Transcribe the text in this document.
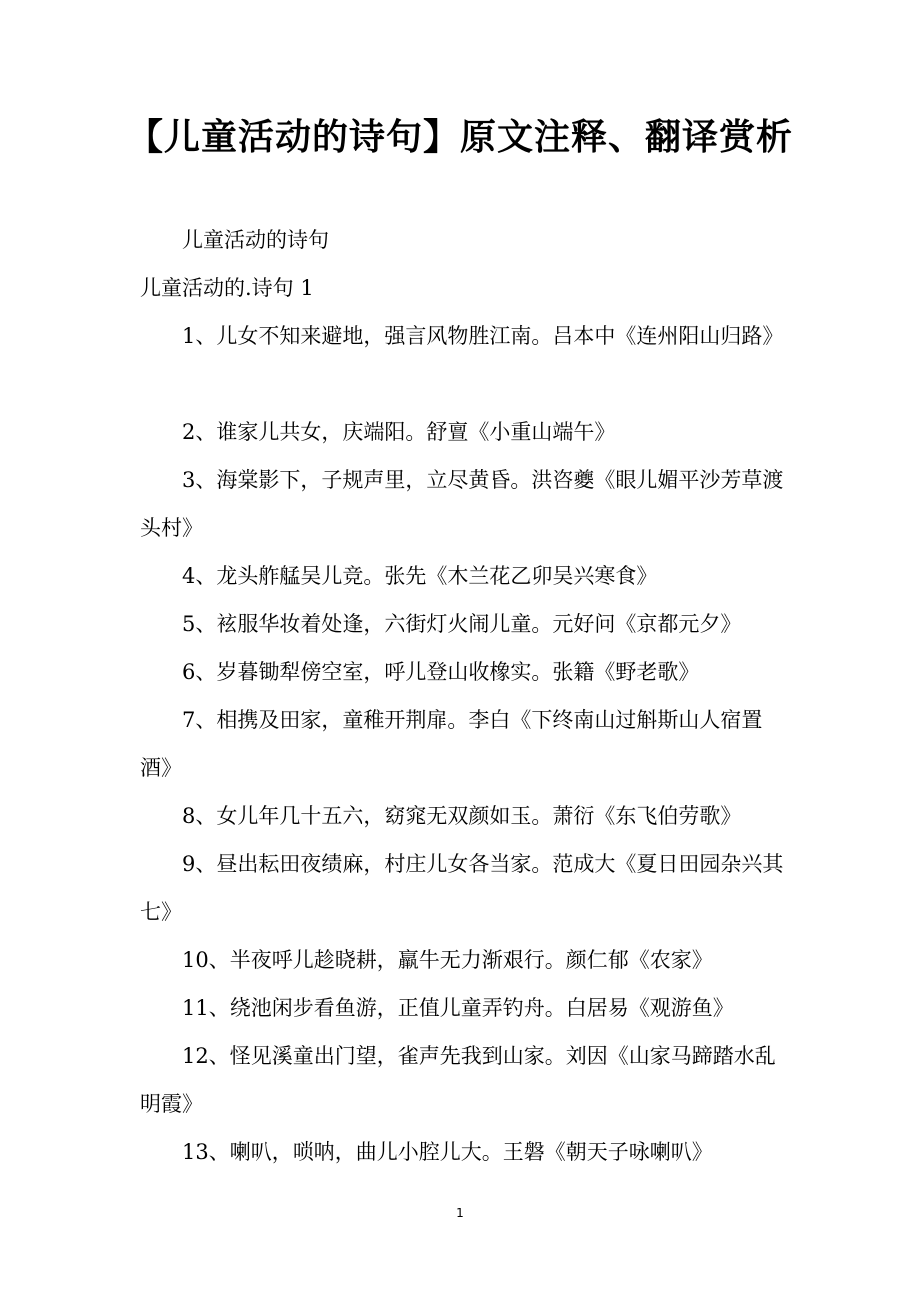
【儿童活动的诗句】原文注释、翻译赏析

儿童活动的诗句

儿童活动的.诗句 1

1、儿女不知来避地，强言风物胜江南。吕本中《连州阳山归路》

2、谁家儿共女，庆端阳。舒亶《小重山端午》

3、海棠影下，子规声里，立尽黄昏。洪咨夔《眼儿媚平沙芳草渡头村》

4、龙头舴艋吴儿竞。张先《木兰花乙卯吴兴寒食》

5、袨服华妆着处逢，六街灯火闹儿童。元好问《京都元夕》

6、岁暮锄犁傍空室，呼儿登山收橡实。张籍《野老歌》

7、相携及田家，童稚开荆扉。李白《下终南山过斛斯山人宿置酒》

8、女儿年几十五六，窈窕无双颜如玉。萧衍《东飞伯劳歌》

9、昼出耘田夜绩麻，村庄儿女各当家。范成大《夏日田园杂兴其七》

10、半夜呼儿趁晓耕，羸牛无力渐艰行。颜仁郁《农家》

11、绕池闲步看鱼游，正值儿童弄钓舟。白居易《观游鱼》

12、怪见溪童出门望，雀声先我到山家。刘因《山家马蹄踏水乱明霞》

13、喇叭，唢呐，曲儿小腔儿大。王磐《朝天子咏喇叭》

1
